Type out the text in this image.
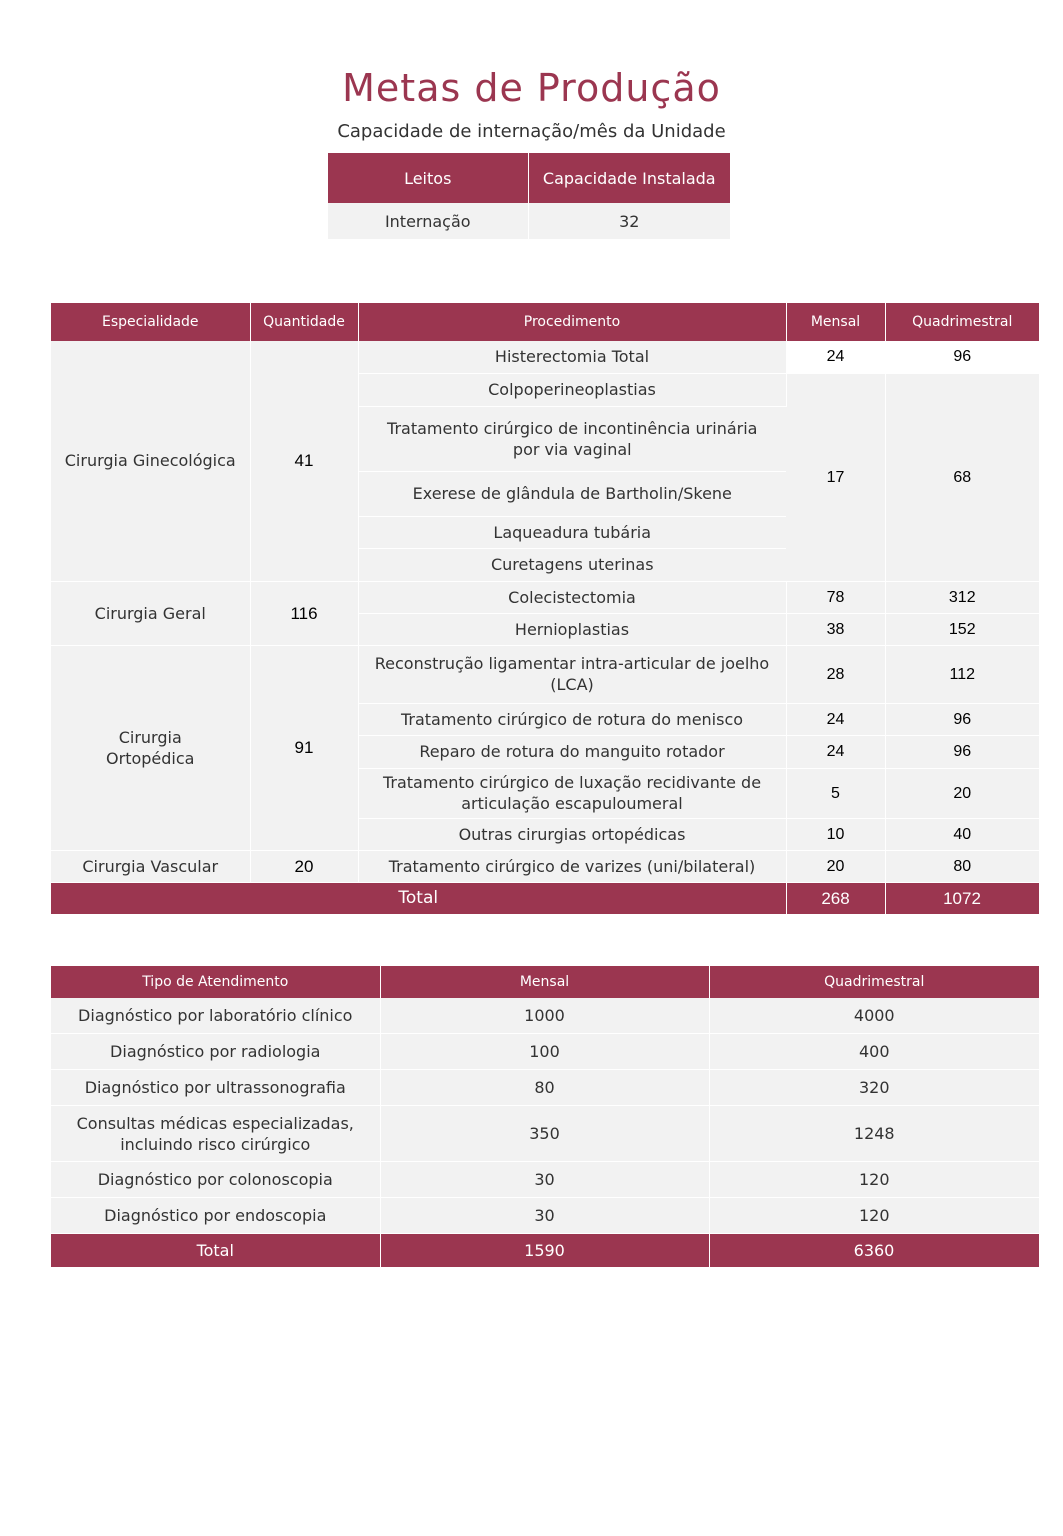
Metas de Produção
Capacidade de internação/mês da Unidade
Leitos	Capacidade Instalada
Internação	32
Especialidade	Quantidade	Procedimento	Mensal	Quadrimestral
Cirurgia Ginecológica	41	Histerectomia Total	24	96
		Colpoperineoplastias	17	68
		Tratamento cirúrgico de incontinência urinária por via vaginal		
		Exerese de glândula de Bartholin/Skene		
		Laqueadura tubária		
		Curetagens uterinas		
Cirurgia Geral	116	Colecistectomia	78	312
		Hernioplastias	38	152
Cirurgia Ortopédica	91	Reconstrução ligamentar intra-articular de joelho (LCA)	28	112
		Tratamento cirúrgico de rotura do menisco	24	96
		Reparo de rotura do manguito rotador	24	96
		Tratamento cirúrgico de luxação recidivante de articulação escapuloumeral	5	20
		Outras cirurgias ortopédicas	10	40
Cirurgia Vascular	20	Tratamento cirúrgico de varizes (uni/bilateral)	20	80
Total			268	1072
Tipo de Atendimento	Mensal	Quadrimestral
Diagnóstico por laboratório clínico	1000	4000
Diagnóstico por radiologia	100	400
Diagnóstico por ultrassonografia	80	320
Consultas médicas especializadas, incluindo risco cirúrgico	350	1248
Diagnóstico por colonoscopia	30	120
Diagnóstico por endoscopia	30	120
Total	1590	6360
